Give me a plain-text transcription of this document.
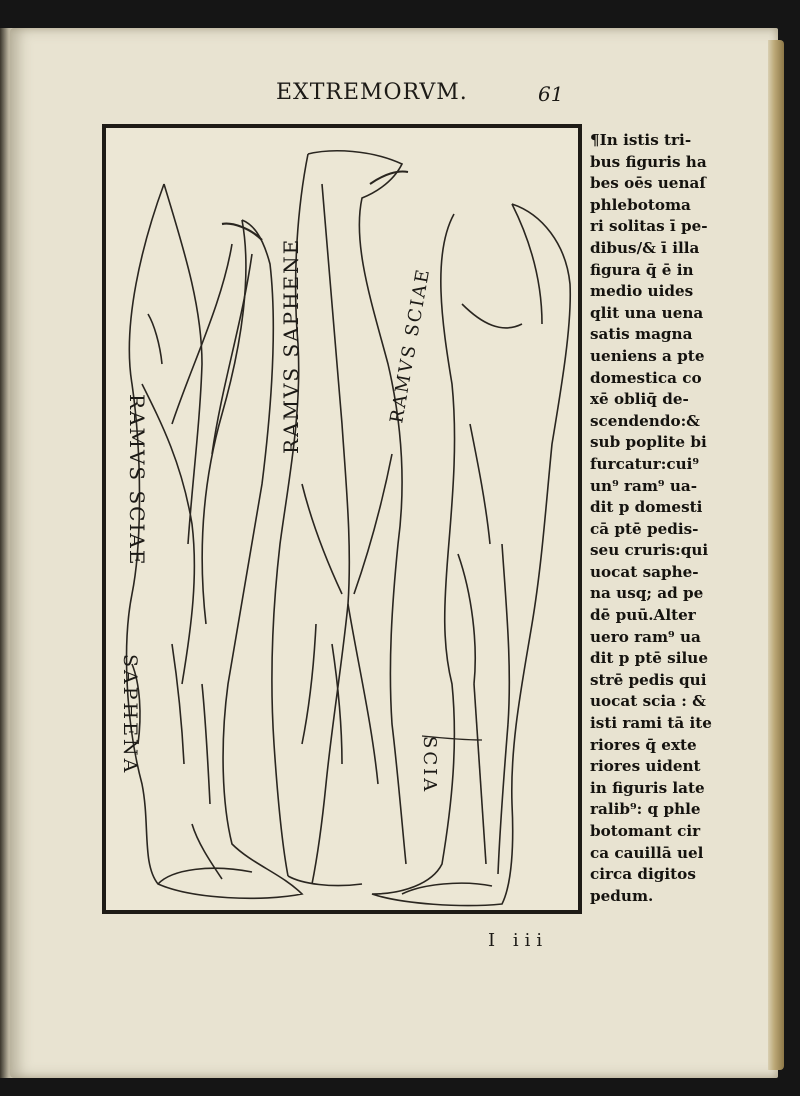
EXTREMORVM.	61
RAMVS SCIAE
SAPHENA
RAMVS SAPHENE	RAMVS SCIAE
SCIA
¶In istis tri-
bus figuris ha
bes oēs uenaſ
phlebotoma
ri solitas ī pe-
dibus/& ī illa
figura q̄ ē in
medio uides
qlit una uena
satis magna
ueniens a pte
domestica co
xē obliq̄ de-
scendendo:&
sub poplite bi
furcatur:cui⁹
un⁹ ram⁹ ua-
dit p domesti
cā ptē pedis-
seu cruris:qui
uocat saphe-
na usq; ad pe
dē puū.Alter
uero ram⁹ ua
dit p ptē silue
strē pedis qui
uocat scia : &
isti rami tā ite
riores q̄ exte
riores uident
in figuris late
ralib⁹: q phle
botomant cir
ca cauillā uel
circa digitos
pedum.
I iii
